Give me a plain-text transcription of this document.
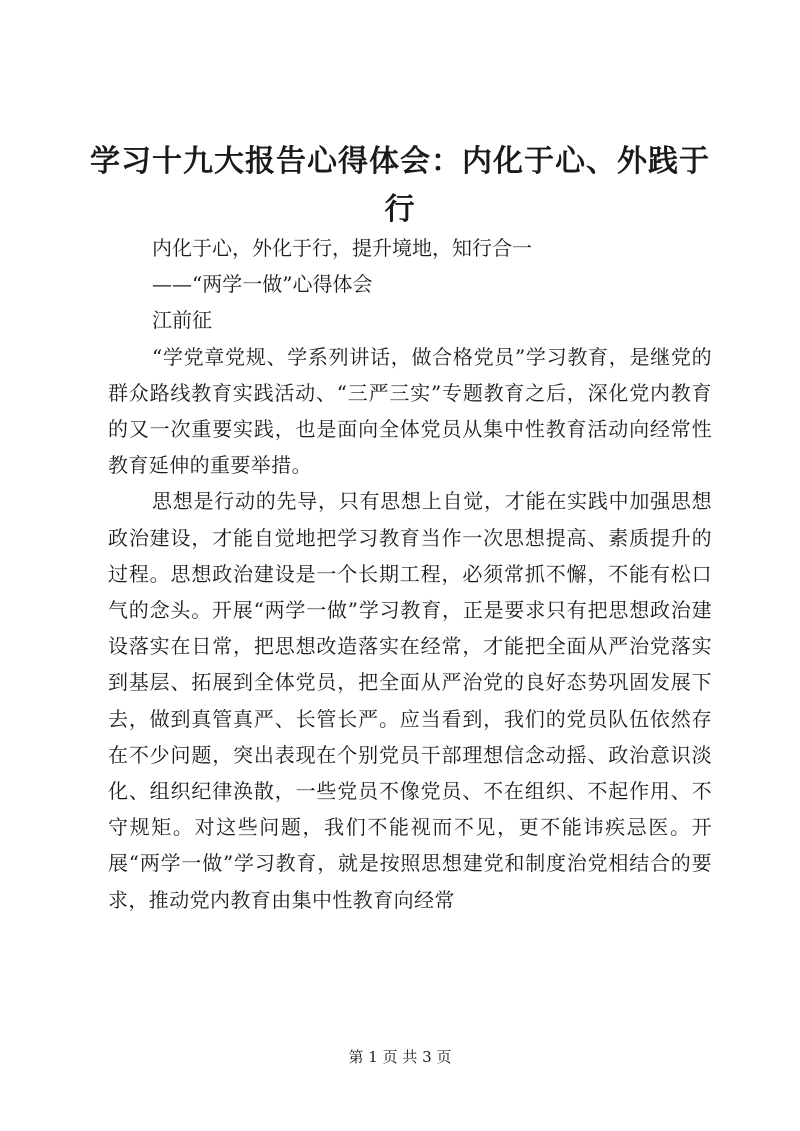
学习十九大报告心得体会：内化于心、外践于行

内化于心，外化于行，提升境地，知行合一

——“两学一做”心得体会

江前征

“学党章党规、学系列讲话，做合格党员”学习教育，是继党的群众路线教育实践活动、“三严三实”专题教育之后，深化党内教育的又一次重要实践，也是面向全体党员从集中性教育活动向经常性教育延伸的重要举措。

思想是行动的先导，只有思想上自觉，才能在实践中加强思想政治建设，才能自觉地把学习教育当作一次思想提高、素质提升的过程。思想政治建设是一个长期工程，必须常抓不懈，不能有松口气的念头。开展“两学一做”学习教育，正是要求只有把思想政治建设落实在日常，把思想改造落实在经常，才能把全面从严治党落实到基层、拓展到全体党员，把全面从严治党的良好态势巩固发展下去，做到真管真严、长管长严。应当看到，我们的党员队伍依然存在不少问题，突出表现在个别党员干部理想信念动摇、政治意识淡化、组织纪律涣散，一些党员不像党员、不在组织、不起作用、不守规矩。对这些问题，我们不能视而不见，更不能讳疾忌医。开展“两学一做”学习教育，就是按照思想建党和制度治党相结合的要求，推动党内教育由集中性教育向经常

第 1 页 共 3 页
